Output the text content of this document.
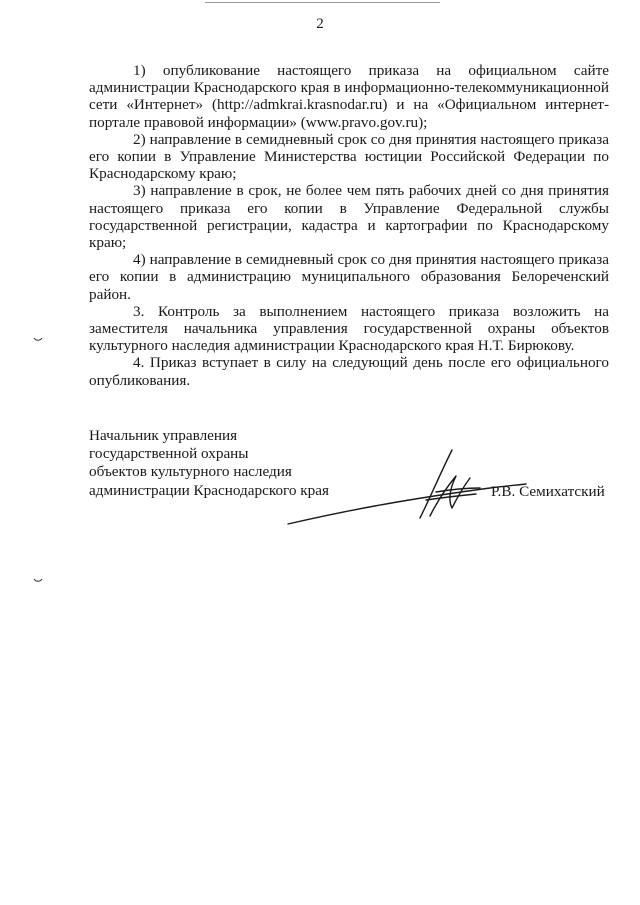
2

1) опубликование настоящего приказа на официальном сайте администрации Краснодарского края в информационно-телекоммуникационной сети «Интернет» (http://admkrai.krasnodar.ru) и на «Официальном интернет-портале правовой информации» (www.pravo.gov.ru);

2) направление в семидневный срок со дня принятия настоящего приказа его копии в Управление Министерства юстиции Российской Федерации по Краснодарскому краю;

3) направление в срок, не более чем пять рабочих дней со дня принятия настоящего приказа его копии в Управление Федеральной службы государственной регистрации, кадастра и картографии по Краснодарскому краю;

4) направление в семидневный срок со дня принятия настоящего приказа его копии в администрацию муниципального образования Белореченский район.

3. Контроль за выполнением настоящего приказа возложить на заместителя начальника управления государственной охраны объектов культурного наследия администрации Краснодарского края Н.Т. Бирюкову.

4. Приказ вступает в силу на следующий день после его официального опубликования.

Начальник управления
государственной охраны
объектов культурного наследия
администрации Краснодарского края	Р.В. Семихатский
